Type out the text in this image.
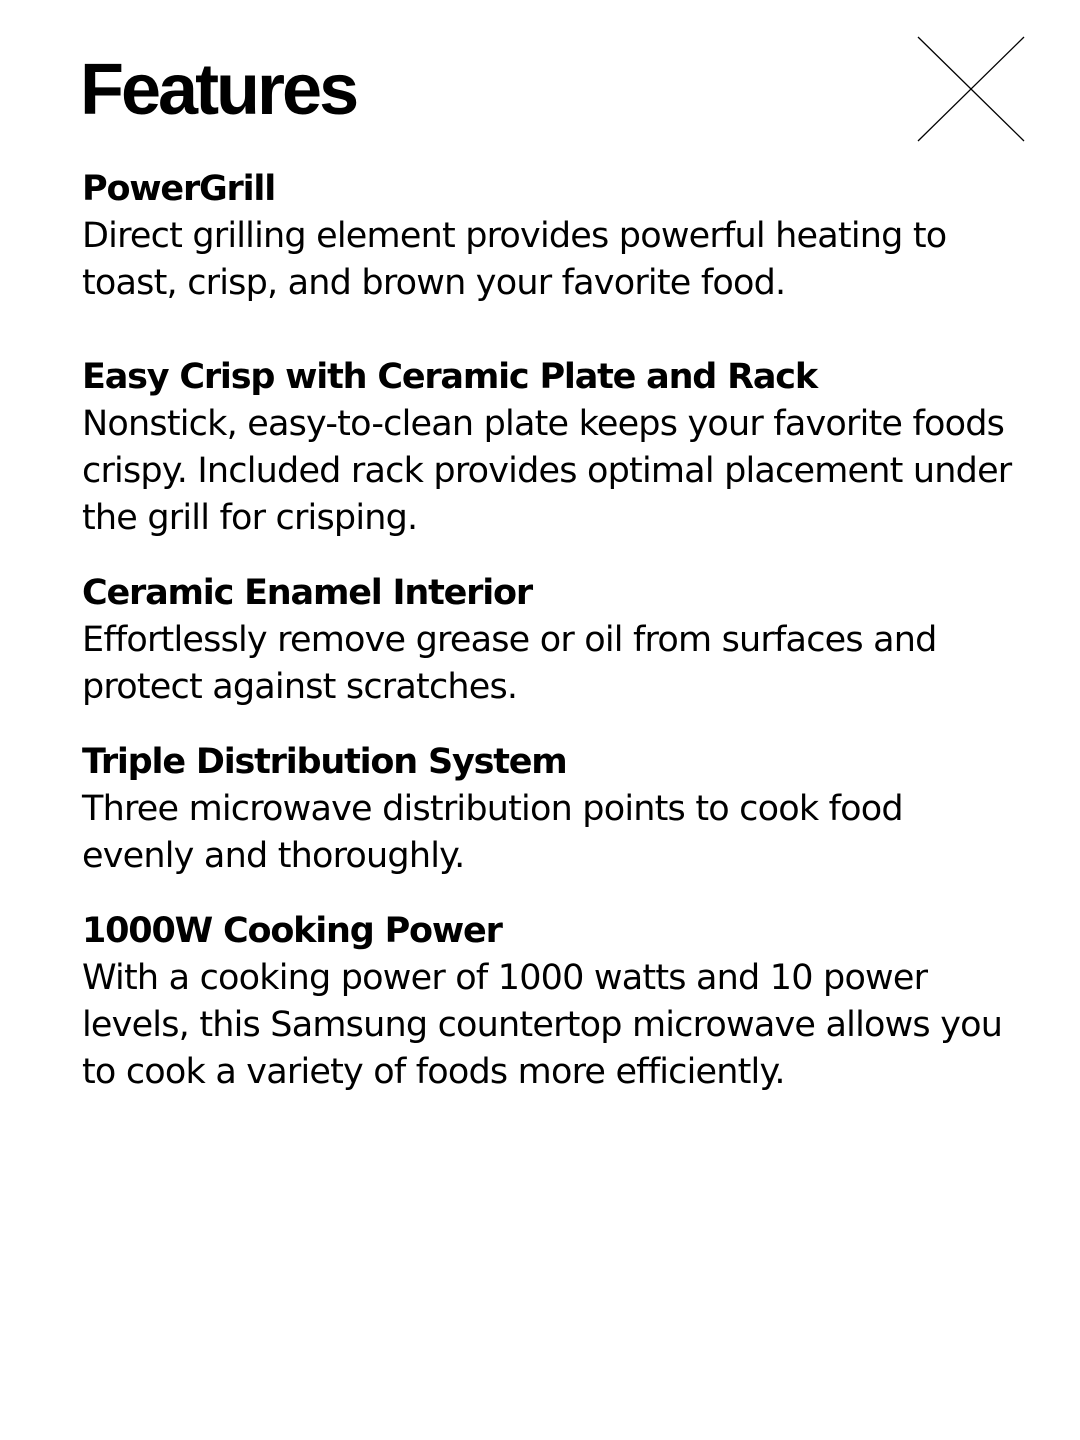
Features
PowerGrill
Direct grilling element provides powerful heating to toast, crisp, and brown your favorite food.
Easy Crisp with Ceramic Plate and Rack
Nonstick, easy-to-clean plate keeps your favorite foods crispy. Included rack provides optimal placement under the grill for crisping.
Ceramic Enamel Interior
Effortlessly remove grease or oil from surfaces and protect against scratches.
Triple Distribution System
Three microwave distribution points to cook food evenly and thoroughly.
1000W Cooking Power
With a cooking power of 1000 watts and 10 power levels, this Samsung countertop microwave allows you to cook a variety of foods more efficiently.
